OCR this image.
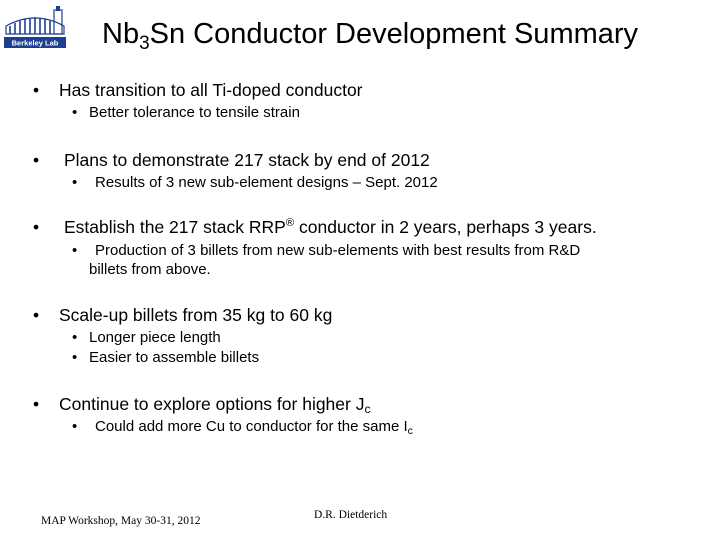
Berkeley Lab $Nb_3Sn$ Conductor Development Summary
• Has transition to all Ti-doped conductor
• Better tolerance to tensile strain
• Plans to demonstrate 217 stack by end of 2012
• Results of 3 new sub-element designs – Sept. 2012
• Establish the 217 stack RRP® conductor in 2 years, perhaps 3 years.
• Production of 3 billets from new sub-elements with best results from R&D
billets from above.
• Scale-up billets from 35 kg to 60 kg
• Longer piece length
• Easier to assemble billets
• Continue to explore options for higher $J_c$
• Could add more Cu to conductor for the same $I_c$
MAP Workshop, May 30-31, 2012	D.R. Dietderich
